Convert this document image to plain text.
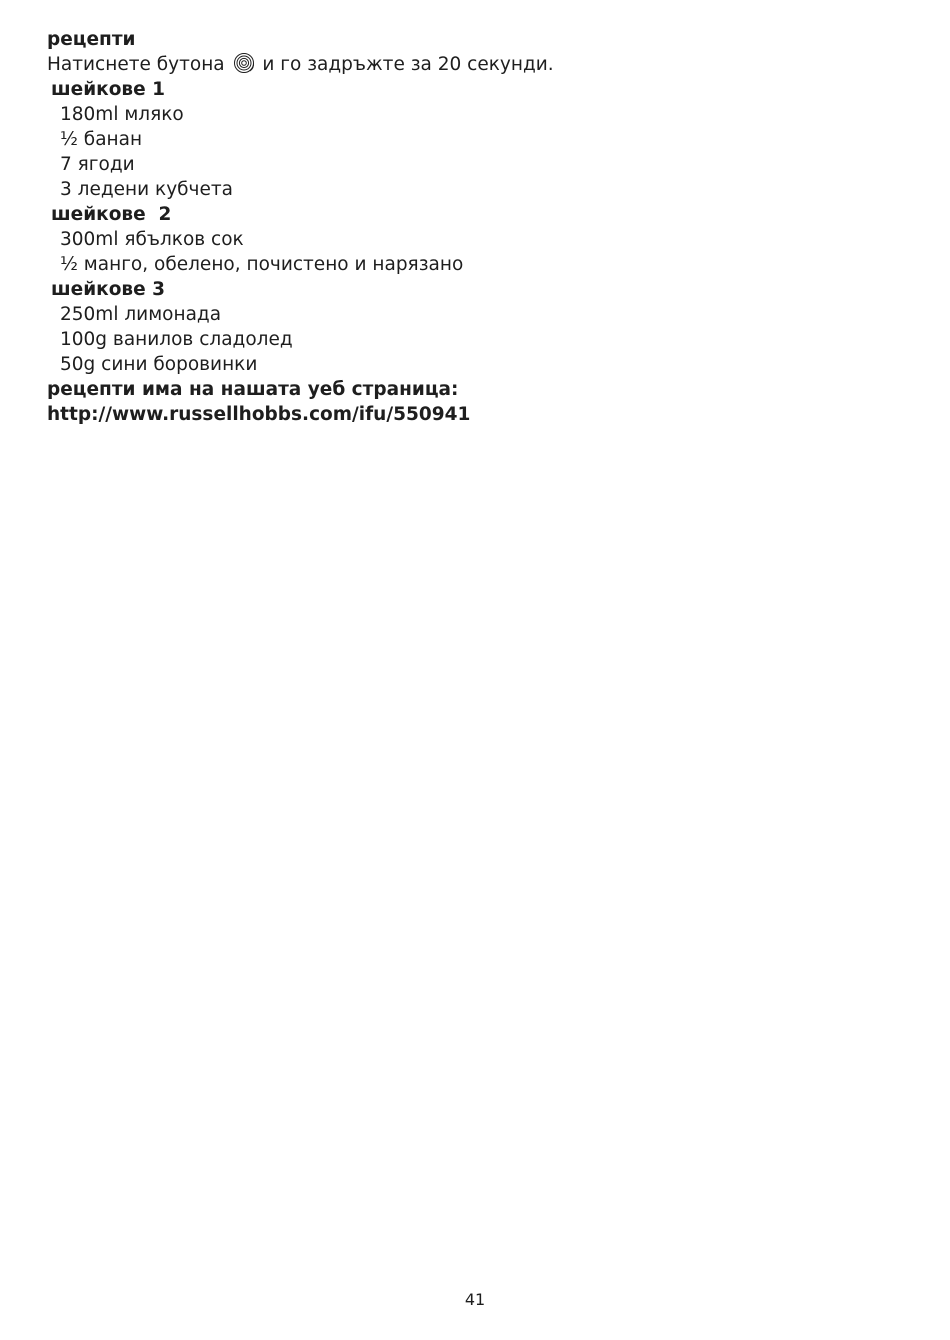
рецепти

Натиснете бутона  и го задръжте за 20 секунди.

шейкове 1

180ml мляко

½ банан

7 ягоди

3 ледени кубчета

шейкове  2

300ml ябълков сок

½ манго, обелено, почистено и нарязано

шейкове 3

250ml лимонада

100g ванилов сладолед

50g сини боровинки

рецепти има на нашата уеб страница:

http://www.russellhobbs.com/ifu/550941

41
